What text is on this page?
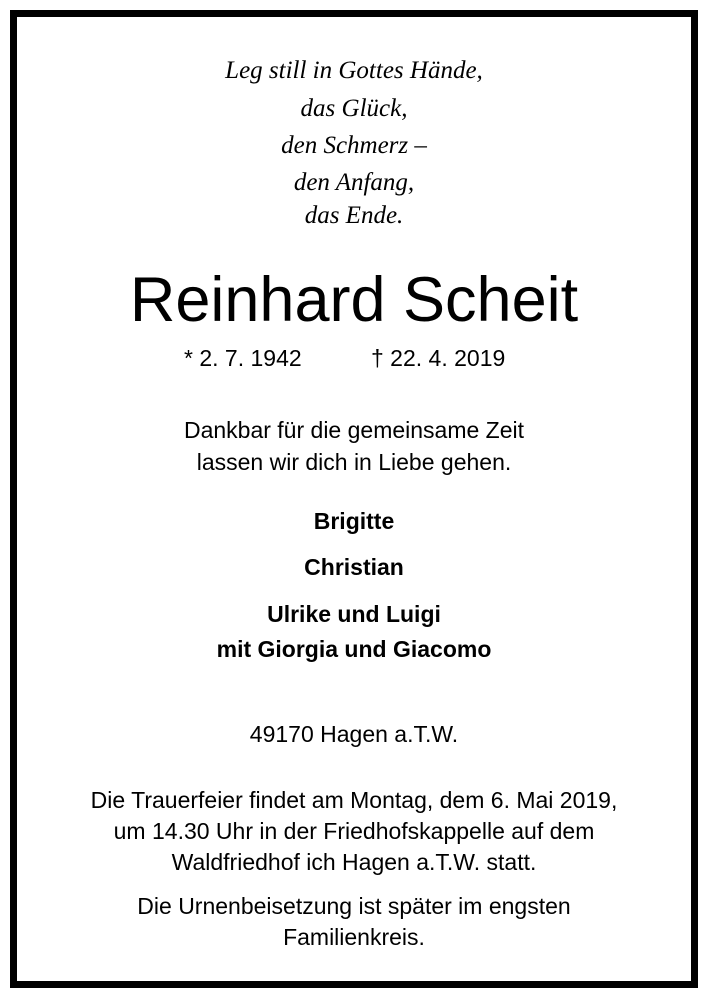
Leg still in Gottes Hände,
das Glück,
den Schmerz –
den Anfang,
das Ende.
Reinhard Scheit
* 2. 7. 1942	† 22. 4. 2019
Dankbar für die gemeinsame Zeit
lassen wir dich in Liebe gehen.
Brigitte
Christian
Ulrike und Luigi
mit Giorgia und Giacomo
49170 Hagen a.T.W.
Die Trauerfeier findet am Montag, dem 6. Mai 2019,
um 14.30 Uhr in der Friedhofskappelle auf dem
Waldfriedhof ich Hagen a.T.W. statt.
Die Urnenbeisetzung ist später im engsten
Familienkreis.
